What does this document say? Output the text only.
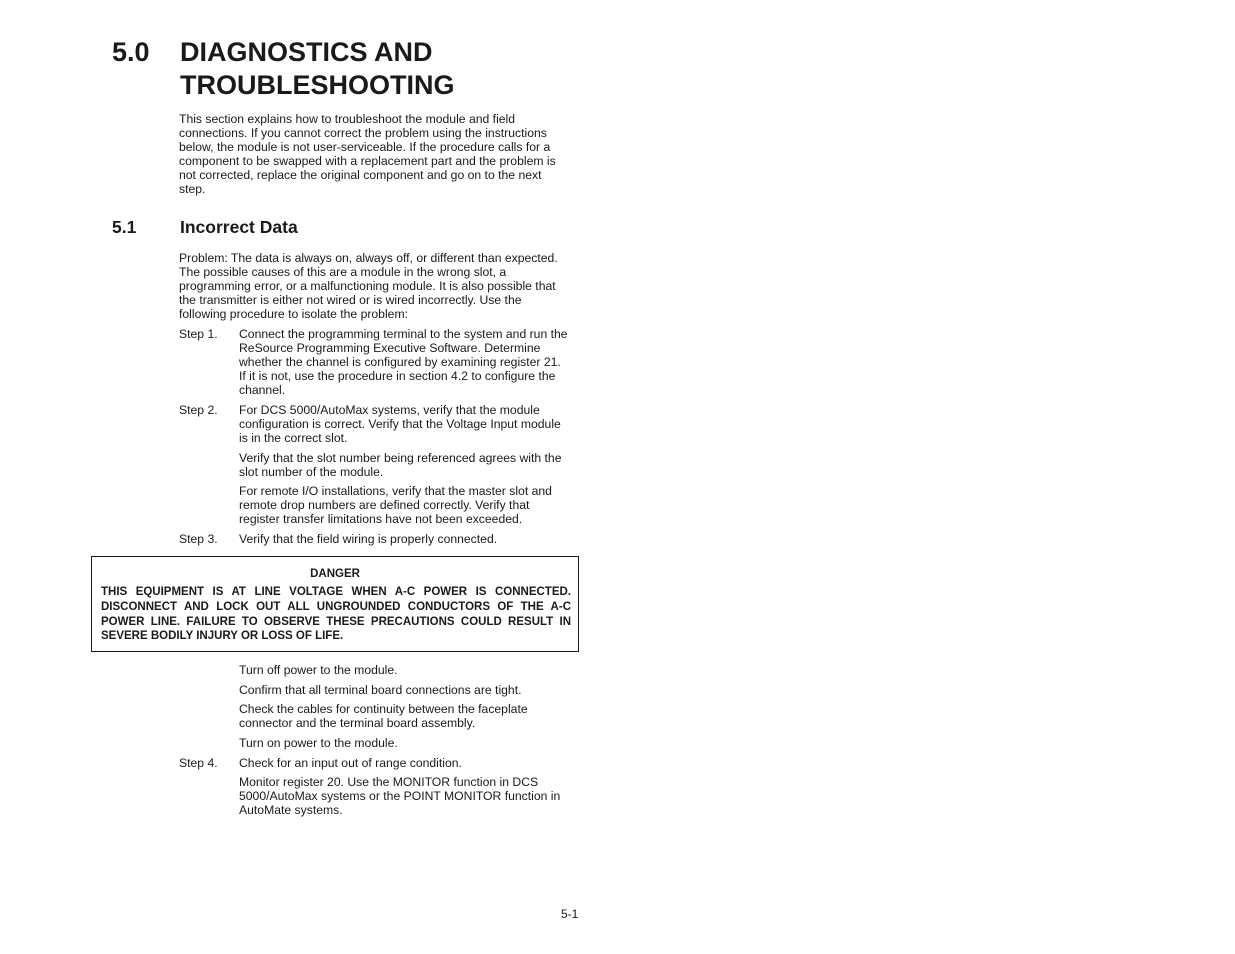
5.0 DIAGNOSTICS AND TROUBLESHOOTING
This section explains how to troubleshoot the module and field connections. If you cannot correct the problem using the instructions below, the module is not user-serviceable. If the procedure calls for a component to be swapped with a replacement part and the problem is not corrected, replace the original component and go on to the next step.
5.1 Incorrect Data
Problem: The data is always on, always off, or different than expected. The possible causes of this are a module in the wrong slot, a programming error, or a malfunctioning module. It is also possible that the transmitter is either not wired or is wired incorrectly. Use the following procedure to isolate the problem:
Step 1.	Connect the programming terminal to the system and run the ReSource Programming Executive Software. Determine whether the channel is configured by examining register 21. If it is not, use the procedure in section 4.2 to configure the channel.
Step 2.	For DCS 5000/AutoMax systems, verify that the module configuration is correct. Verify that the Voltage Input module is in the correct slot.
Verify that the slot number being referenced agrees with the slot number of the module.
For remote I/O installations, verify that the master slot and remote drop numbers are defined correctly. Verify that register transfer limitations have not been exceeded.
Step 3.	Verify that the field wiring is properly connected.
DANGER
THIS EQUIPMENT IS AT LINE VOLTAGE WHEN A-C POWER IS CONNECTED. DISCONNECT AND LOCK OUT ALL UNGROUNDED CONDUCTORS OF THE A-C POWER LINE. FAILURE TO OBSERVE THESE PRECAUTIONS COULD RESULT IN SEVERE BODILY INJURY OR LOSS OF LIFE.
Turn off power to the module.
Confirm that all terminal board connections are tight.
Check the cables for continuity between the faceplate connector and the terminal board assembly.
Turn on power to the module.
Step 4.	Check for an input out of range condition.
Monitor register 20. Use the MONITOR function in DCS 5000/AutoMax systems or the POINT MONITOR function in AutoMate systems.
5-1
